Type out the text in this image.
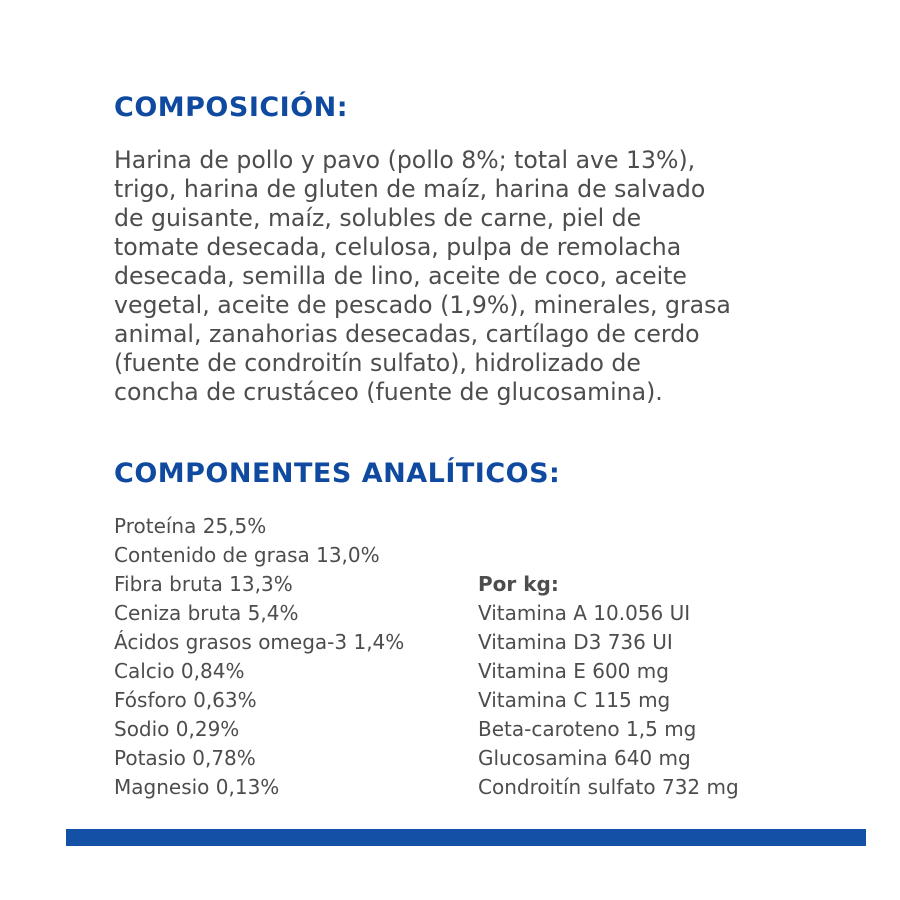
COMPOSICIÓN:

Harina de pollo y pavo (pollo 8%; total ave 13%),
trigo, harina de gluten de maíz, harina de salvado
de guisante, maíz, solubles de carne, piel de
tomate desecada, celulosa, pulpa de remolacha
desecada, semilla de lino, aceite de coco, aceite
vegetal, aceite de pescado (1,9%), minerales, grasa
animal, zanahorias desecadas, cartílago de cerdo
(fuente de condroitín sulfato), hidrolizado de
concha de crustáceo (fuente de glucosamina).

COMPONENTES ANALÍTICOS:
Proteína 25,5%
Contenido de grasa 13,0%
Fibra bruta 13,3%
Ceniza bruta 5,4%
Ácidos grasos omega-3 1,4%
Calcio 0,84%
Fósforo 0,63%
Sodio 0,29%
Potasio 0,78%
Magnesio 0,13%
Por kg:
Vitamina A 10.056 UI
Vitamina D3 736 UI
Vitamina E 600 mg
Vitamina C 115 mg
Beta-caroteno 1,5 mg
Glucosamina 640 mg
Condroitín sulfato 732 mg
